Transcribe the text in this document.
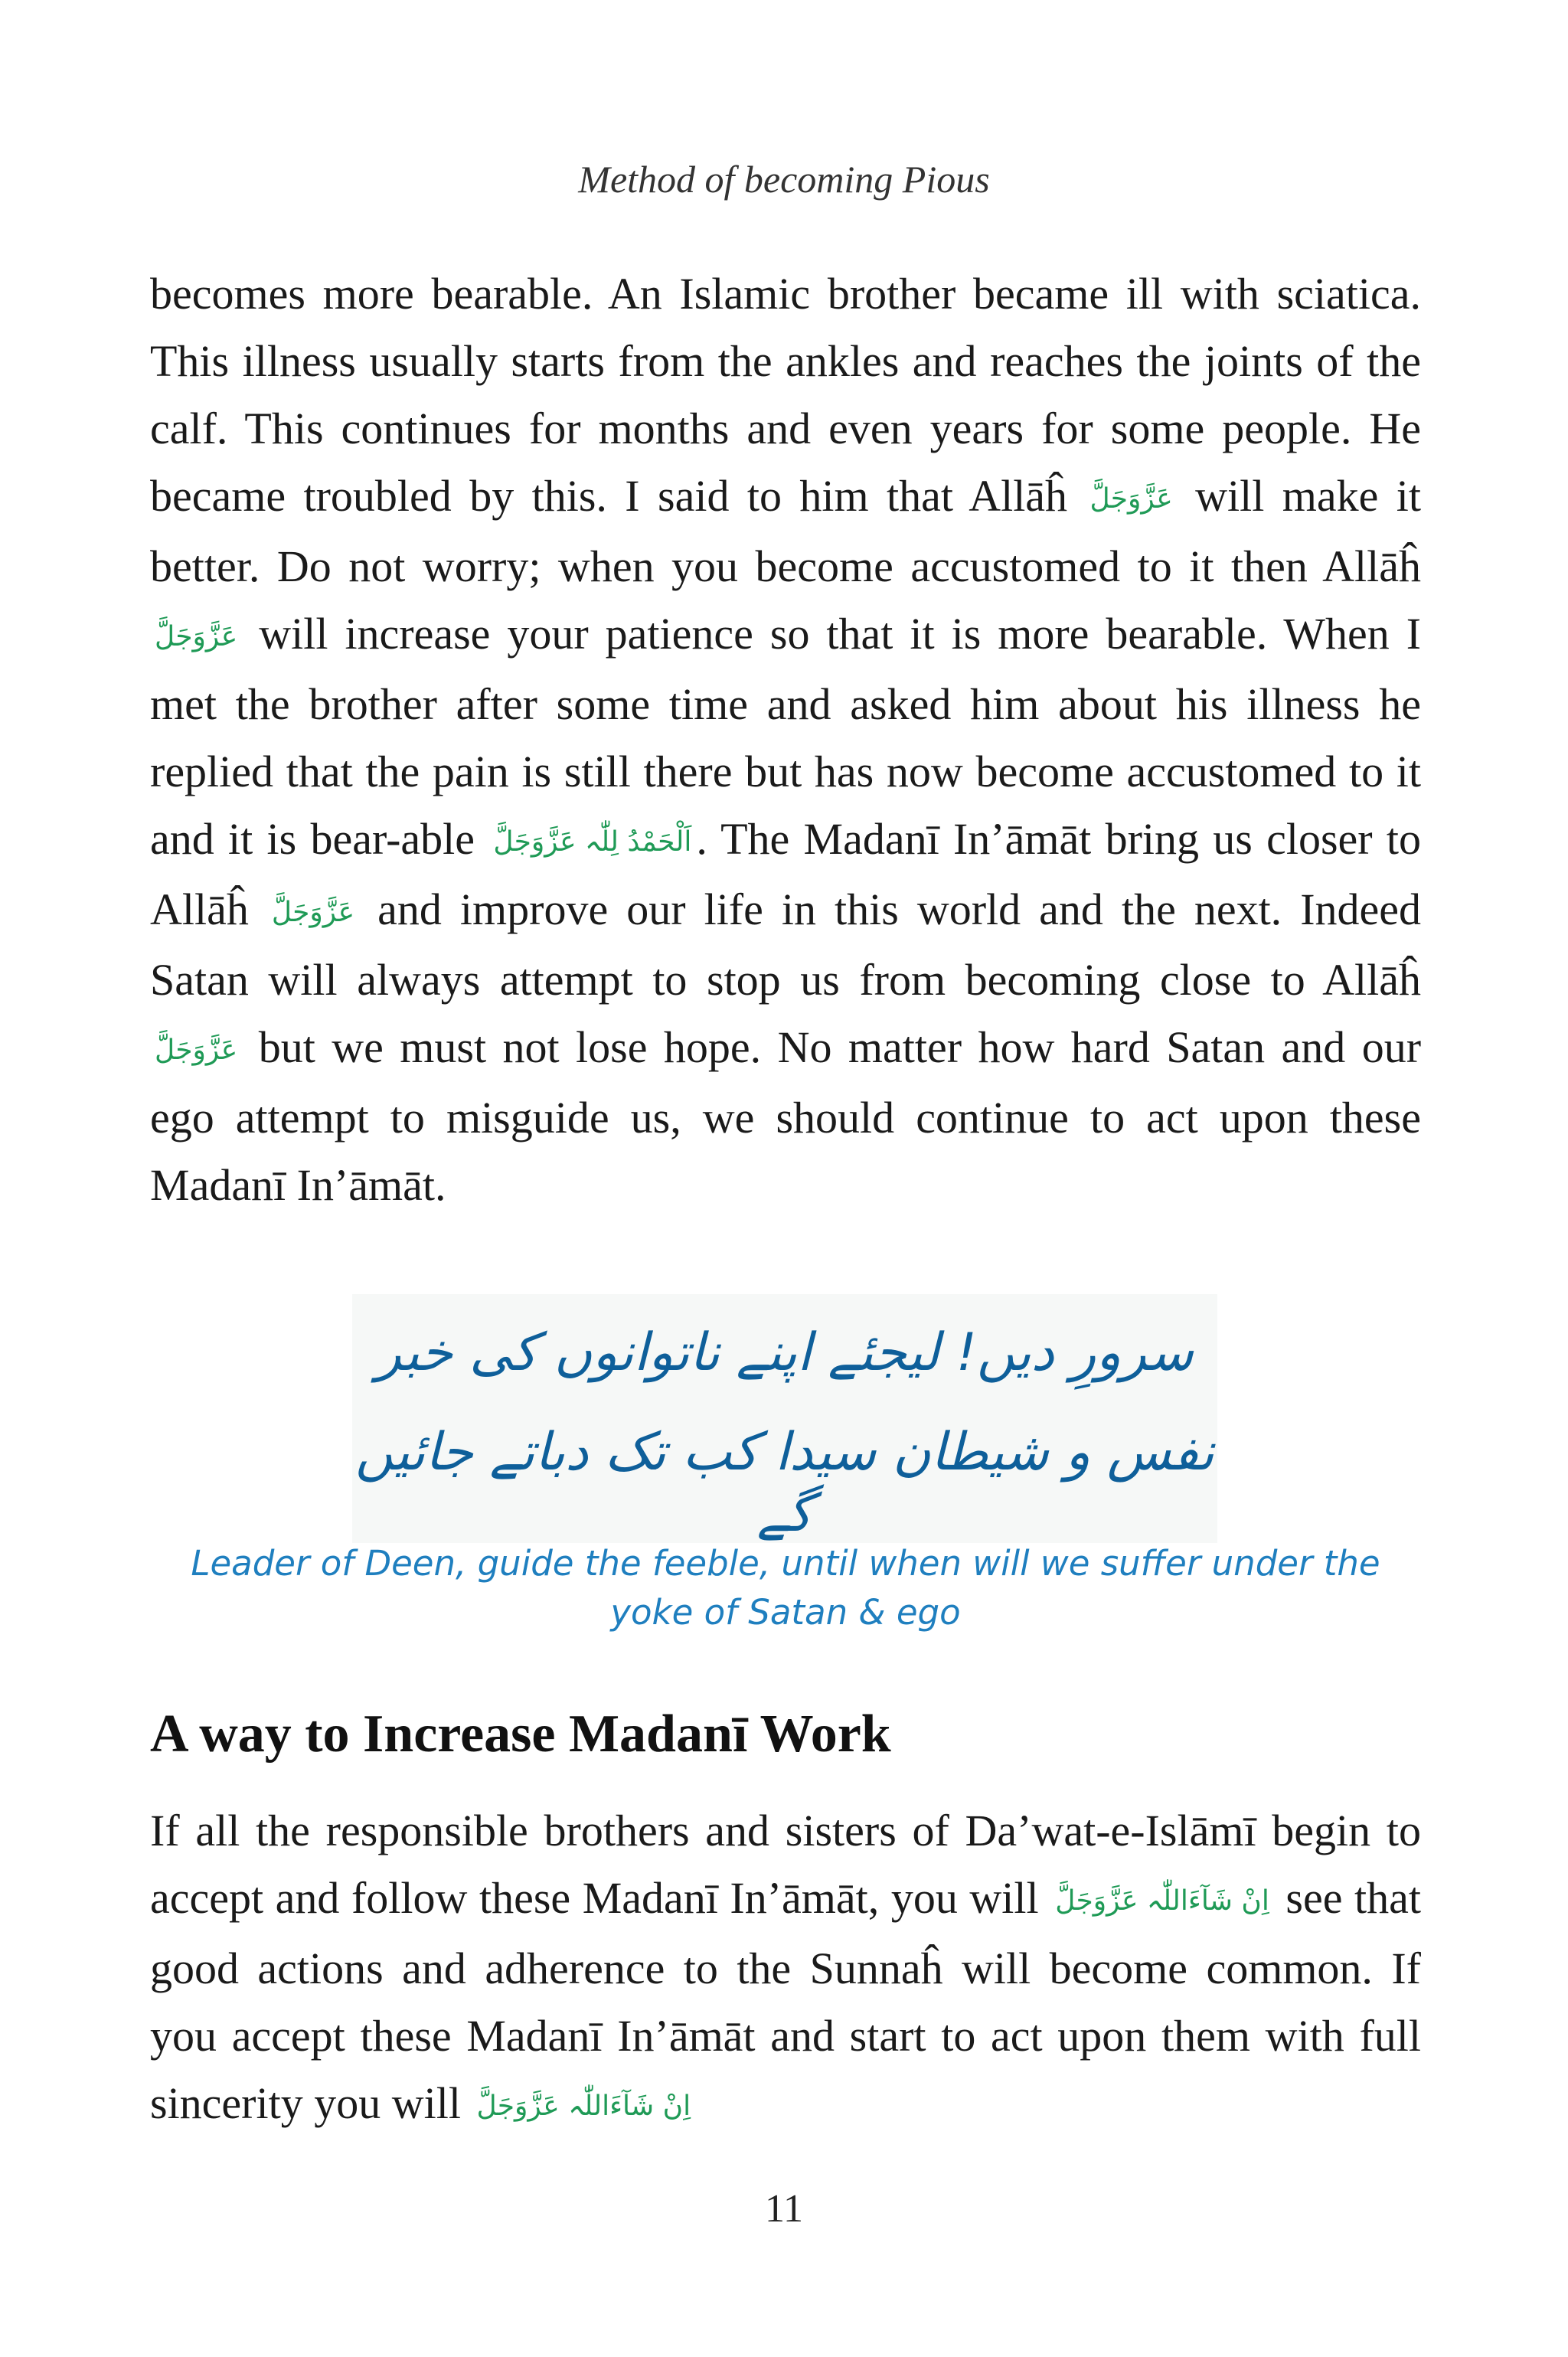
Method of becoming Pious

becomes more bearable. An Islamic brother became ill with sciatica. This illness usually starts from the ankles and reaches the joints of the calf. This continues for months and even years for some people. He became troubled by this. I said to him that Allāĥ عَزَّوَجَلَّ will make it better. Do not worry; when you become accustomed to it then Allāĥ عَزَّوَجَلَّ will increase your patience so that it is more bearable. When I met the brother after some time and asked him about his illness he replied that the pain is still there but has now become accustomed to it and it is bear-able اَلْحَمْدُ لِلّٰہ عَزَّوَجَلَّ . The Madanī In’āmāt bring us closer to Allāĥ عَزَّوَجَلَّ and improve our life in this world and the next. Indeed Satan will always attempt to stop us from becoming close to Allāĥ عَزَّوَجَلَّ but we must not lose hope. No matter how hard Satan and our ego attempt to misguide us, we should continue to act upon these Madanī In’āmāt.

سرورِ دیں! لیجئے اپنے ناتوانوں کی خبر
نفس و شیطان سیدا کب تک دباتے جائیں گے
Leader of Deen, guide the feeble, until when will we suffer under the yoke of Satan & ego
A way to Increase Madanī Work

If all the responsible brothers and sisters of Da’wat-e-Islāmī begin to accept and follow these Madanī In’āmāt, you will اِنْ شَآءَاللّٰہ عَزَّوَجَلَّ see that good actions and adherence to the Sunnaĥ will become common. If you accept these Madanī In’āmāt and start to act upon them with full sincerity you will اِنْ شَآءَاللّٰہ عَزَّوَجَلَّ

11
